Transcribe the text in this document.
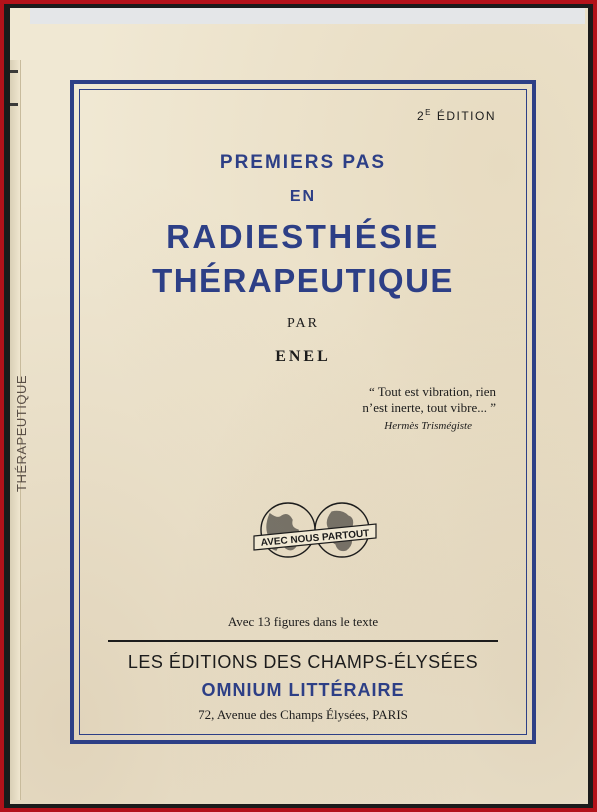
THÉRAPEUTIQUE
$2^E$ ÉDITION
PREMIERS PAS
EN
RADIESTHÉSIE
THÉRAPEUTIQUE
PAR
ENEL
“ Tout est vibration, rien
n’est inerte, tout vibre... ”
Hermès Trismégiste
AVEC NOUS PARTOUT
Avec 13 figures dans le texte
LES ÉDITIONS DES CHAMPS-ÉLYSÉES
OMNIUM LITTÉRAIRE
72, Avenue des Champs Élysées, PARIS
